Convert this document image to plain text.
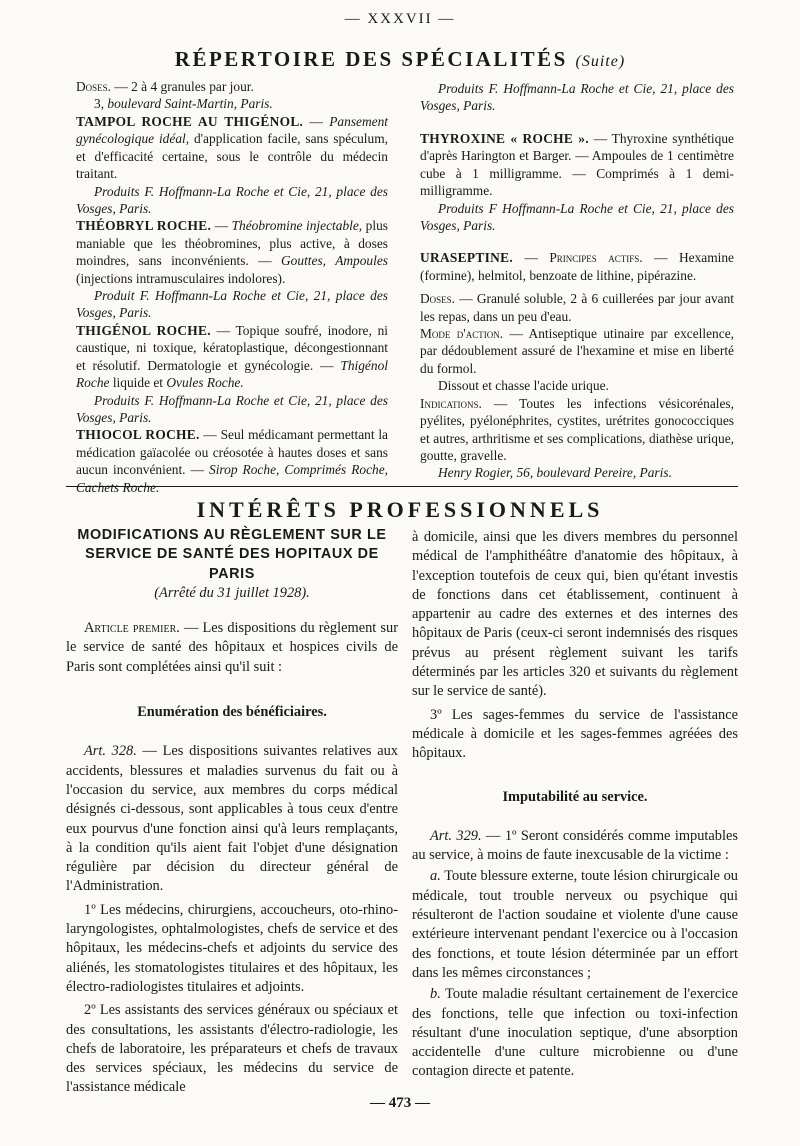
— XXXVII —
RÉPERTOIRE DES SPÉCIALITÉS (Suite)

Doses. — 2 à 4 granules par jour.

3, boulevard Saint-Martin, Paris.

TAMPOL ROCHE AU THIGÉNOL. — Pansement gynécologique idéal, d'application facile, sans spéculum, et d'efficacité certaine, sous le contrôle du médecin traitant.

Produits F. Hoffmann-La Roche et Cie, 21, place des Vosges, Paris.

THÉOBRYL ROCHE. — Théobromine injectable, plus maniable que les théobromines, plus active, à doses moindres, sans inconvénients. — Gouttes, Ampoules (injections intramusculaires indolores).

Produit F. Hoffmann-La Roche et Cie, 21, place des Vosges, Paris.

THIGÉNOL ROCHE. — Topique soufré, inodore, ni caustique, ni toxique, kératoplastique, décongestionnant et résolutif. Dermatologie et gynécologie. — Thigénol Roche liquide et Ovules Roche.

Produits F. Hoffmann-La Roche et Cie, 21, place des Vosges, Paris.

THIOCOL ROCHE. — Seul médicamant permettant la médication gaïacolée ou créosotée à hautes doses et sans aucun inconvénient. — Sirop Roche, Comprimés Roche, Cachets Roche.

Produits F. Hoffmann-La Roche et Cie, 21, place des Vosges, Paris.

THYROXINE « ROCHE ». — Thyroxine synthétique d'après Harington et Barger. — Ampoules de 1 centimètre cube à 1 milligramme. — Comprimés à 1 demi-milligramme.

Produits F Hoffmann-La Roche et Cie, 21, place des Vosges, Paris.

URASEPTINE. — Principes actifs. — Hexamine (formine), helmitol, benzoate de lithine, pipérazine.

Doses. — Granulé soluble, 2 à 6 cuillerées par jour avant les repas, dans un peu d'eau.

Mode d'action. — Antiseptique utinaire par excellence, par dédoublement assuré de l'hexamine et mise en liberté du formol.

Dissout et chasse l'acide urique.

Indications. — Toutes les infections vésicorénales, pyélites, pyélonéphrites, cystites, urétrites gonococciques et autres, arthritisme et ses complications, diathèse urique, goutte, gravelle.

Henry Rogier, 56, boulevard Pereire, Paris.

INTÉRÊTS PROFESSIONNELS

MODIFICATIONS AU RÈGLEMENT SUR LE

SERVICE DE SANTÉ DES HOPITAUX DE PARIS

(Arrêté du 31 juillet 1928).

Article premier. — Les dispositions du règlement sur le service de santé des hôpitaux et hospices civils de Paris sont complétées ainsi qu'il suit :

Enumération des bénéficiaires.

Art. 328. — Les dispositions suivantes relatives aux accidents, blessures et maladies survenus du fait ou à l'occasion du service, aux membres du corps médical désignés ci-dessous, sont applicables à tous ceux d'entre eux pourvus d'une fonction ainsi qu'à leurs remplaçants, à la condition qu'ils aient fait l'objet d'une désignation régulière par décision du directeur général de l'Administration.

1º Les médecins, chirurgiens, accoucheurs, oto-rhino-laryngologistes, ophtalmologistes, chefs de service et des hôpitaux, les médecins-chefs et adjoints du service des aliénés, les stomatologistes titulaires et des hôpitaux, les électro-radiologistes titulaires et adjoints.

2º Les assistants des services généraux ou spéciaux et des consultations, les assistants d'électro-radiologie, les chefs de laboratoire, les préparateurs et chefs de travaux des services spéciaux, les médecins du service de l'assistance médicale

à domicile, ainsi que les divers membres du personnel médical de l'amphithéâtre d'anatomie des hôpitaux, à l'exception toutefois de ceux qui, bien qu'étant investis de fonctions dans cet établissement, continuent à appartenir au cadre des externes et des internes des hôpitaux de Paris (ceux-ci seront indemnisés des risques prévus au présent règlement suivant les tarifs déterminés par les articles 320 et suivants du règlement sur le service de santé).

3º Les sages-femmes du service de l'assistance médicale à domicile et les sages-femmes agréées des hôpitaux.

Imputabilité au service.

Art. 329. — 1º Seront considérés comme imputables au service, à moins de faute inexcusable de la victime :

a. Toute blessure externe, toute lésion chirurgicale ou médicale, tout trouble nerveux ou psychique qui résulteront de l'action soudaine et violente d'une cause extérieure intervenant pendant l'exercice ou à l'occasion des fonctions, et toute lésion déterminée par un effort dans les mêmes circonstances ;

b. Toute maladie résultant certainement de l'exercice des fonctions, telle que infection ou toxi-infection résultant d'une inoculation septique, d'une absorption accidentelle d'une culture microbienne ou d'une contagion directe et patente.

— 473 —
